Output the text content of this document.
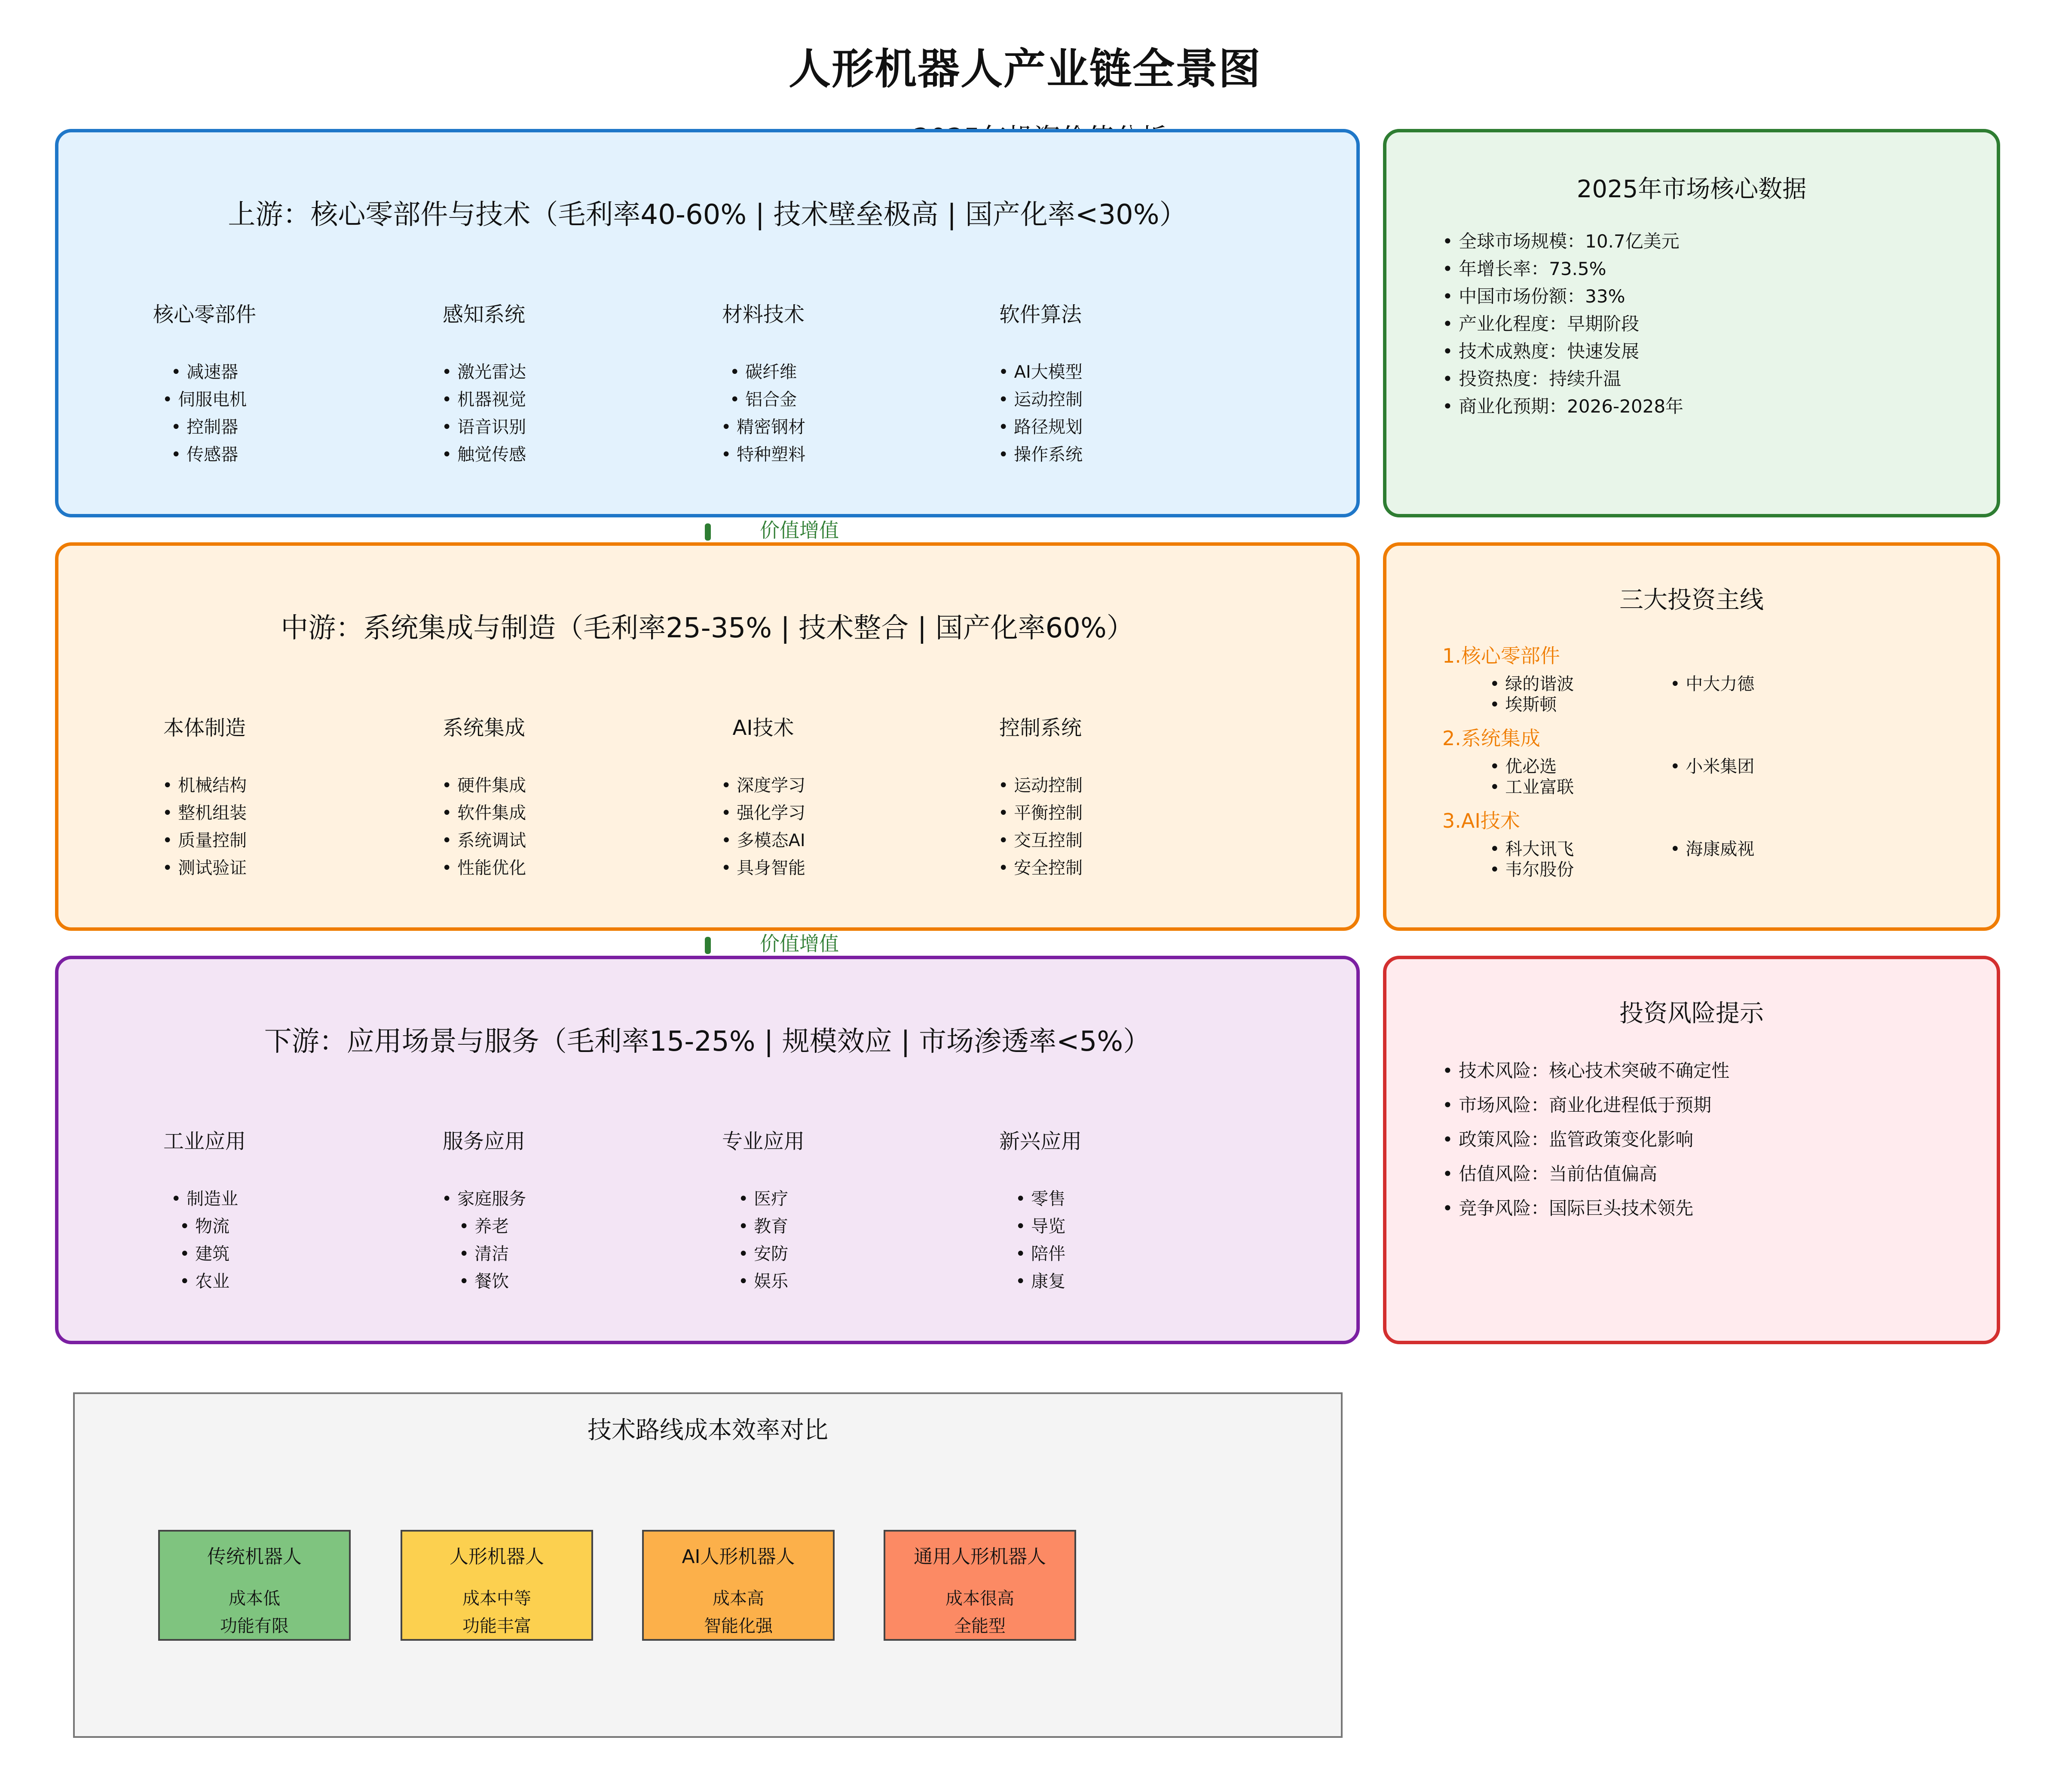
人形机器人产业链全景图
上游：核心零部件与技术（毛利率40-60% | 技术壁垒极高 | 国产化率<30%）
核心零部件
• 减速器
• 伺服电机
• 控制器
• 传感器
感知系统
• 激光雷达
• 机器视觉
• 语音识别
• 触觉传感
材料技术
• 碳纤维
• 铝合金
• 精密钢材
• 特种塑料
软件算法
• AI大模型
• 运动控制
• 路径规划
• 操作系统
价值增值
中游：系统集成与制造（毛利率25-35% | 技术整合 | 国产化率60%）
本体制造
• 机械结构
• 整机组装
• 质量控制
• 测试验证
系统集成
• 硬件集成
• 软件集成
• 系统调试
• 性能优化
AI技术
• 深度学习
• 强化学习
• 多模态AI
• 具身智能
控制系统
• 运动控制
• 平衡控制
• 交互控制
• 安全控制
价值增值
下游：应用场景与服务（毛利率15-25% | 规模效应 | 市场渗透率<5%）
工业应用
• 制造业
• 物流
• 建筑
• 农业
服务应用
• 家庭服务
• 养老
• 清洁
• 餐饮
专业应用
• 医疗
• 教育
• 安防
• 娱乐
新兴应用
• 零售
• 导览
• 陪伴
• 康复
2025年市场核心数据
• 全球市场规模：10.7亿美元
• 年增长率：73.5%
• 中国市场份额：33%
• 产业化程度：早期阶段
• 技术成熟度：快速发展
• 投资热度：持续升温
• 商业化预期：2026-2028年
三大投资主线
1.核心零部件
• 绿的谐波
• 埃斯顿
• 中大力德
2.系统集成
• 优必选
• 工业富联
• 小米集团
3.AI技术
• 科大讯飞
• 韦尔股份
• 海康威视
投资风险提示
• 技术风险：核心技术突破不确定性
• 市场风险：商业化进程低于预期
• 政策风险：监管政策变化影响
• 估值风险：当前估值偏高
• 竞争风险：国际巨头技术领先
技术路线成本效率对比
传统机器人
成本低
功能有限
人形机器人
成本中等
功能丰富
AI人形机器人
成本高
智能化强
通用人形机器人
成本很高
全能型
